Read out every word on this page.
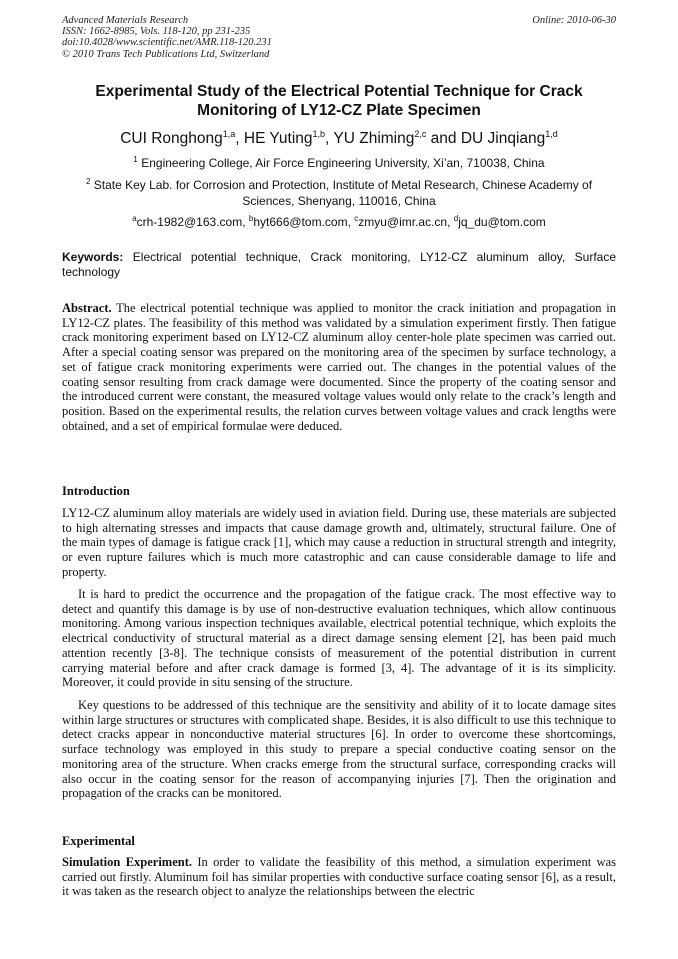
Advanced Materials Research
ISSN: 1662-8985, Vols. 118-120, pp 231-235
doi:10.4028/www.scientific.net/AMR.118-120.231
© 2010 Trans Tech Publications Ltd, Switzerland
Online: 2010-06-30
Experimental Study of the Electrical Potential Technique for Crack Monitoring of LY12-CZ Plate Specimen
CUI Ronghong$^{1,a}$, HE Yuting$^{1,b}$, YU Zhiming$^{2,c}$ and DU Jinqiang$^{1,d}$
$^1$ Engineering College, Air Force Engineering University, Xi’an, 710038, China
$^2$ State Key Lab. for Corrosion and Protection, Institute of Metal Research, Chinese Academy of Sciences, Shenyang, 110016, China
$^a$crh-1982@163.com, $^b$hyt666@tom.com, $^c$zmyu@imr.ac.cn, $^d$jq_du@tom.com
Keywords: Electrical potential technique, Crack monitoring, LY12-CZ aluminum alloy, Surface technology
Abstract. The electrical potential technique was applied to monitor the crack initiation and propagation in LY12-CZ plates. The feasibility of this method was validated by a simulation experiment firstly. Then fatigue crack monitoring experiment based on LY12-CZ aluminum alloy center-hole plate specimen was carried out. After a special coating sensor was prepared on the monitoring area of the specimen by surface technology, a set of fatigue crack monitoring experiments were carried out. The changes in the potential values of the coating sensor resulting from crack damage were documented. Since the property of the coating sensor and the introduced current were constant, the measured voltage values would only relate to the crack’s length and position. Based on the experimental results, the relation curves between voltage values and crack lengths were obtained, and a set of empirical formulae were deduced.
Introduction
LY12-CZ aluminum alloy materials are widely used in aviation field. During use, these materials are subjected to high alternating stresses and impacts that cause damage growth and, ultimately, structural failure. One of the main types of damage is fatigue crack [1], which may cause a reduction in structural strength and integrity, or even rupture failures which is much more catastrophic and can cause considerable damage to life and property.
It is hard to predict the occurrence and the propagation of the fatigue crack. The most effective way to detect and quantify this damage is by use of non-destructive evaluation techniques, which allow continuous monitoring. Among various inspection techniques available, electrical potential technique, which exploits the electrical conductivity of structural material as a direct damage sensing element [2], has been paid much attention recently [3-8]. The technique consists of measurement of the potential distribution in current carrying material before and after crack damage is formed [3, 4]. The advantage of it is its simplicity. Moreover, it could provide in situ sensing of the structure.
Key questions to be addressed of this technique are the sensitivity and ability of it to locate damage sites within large structures or structures with complicated shape. Besides, it is also difficult to use this technique to detect cracks appear in nonconductive material structures [6]. In order to overcome these shortcomings, surface technology was employed in this study to prepare a special conductive coating sensor on the monitoring area of the structure. When cracks emerge from the structural surface, corresponding cracks will also occur in the coating sensor for the reason of accompanying injuries [7]. Then the origination and propagation of the cracks can be monitored.
Experimental
Simulation Experiment. In order to validate the feasibility of this method, a simulation experiment was carried out firstly. Aluminum foil has similar properties with conductive surface coating sensor [6], as a result, it was taken as the research object to analyze the relationships between the electric
